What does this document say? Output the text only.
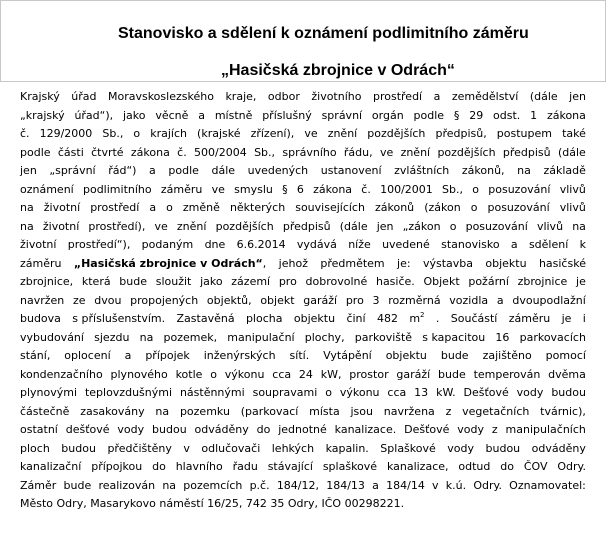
Stanovisko a sdělení k oznámení podlimitního záměru
„Hasičská zbrojnice v Odrách“
Krajský úřad Moravskoslezského kraje, odbor životního prostředí a zemědělství (dále jen
„krajský úřad“), jako věcně a místně příslušný správní orgán podle § 29 odst. 1 zákona
č. 129/2000 Sb., o krajích (krajské zřízení), ve znění pozdějších předpisů, postupem také
podle části čtvrté zákona č. 500/2004 Sb., správního řádu, ve znění pozdějších předpisů (dále
jen „správní řád“) a podle dále uvedených ustanovení zvláštních zákonů, na základě
oznámení podlimitního záměru ve smyslu § 6 zákona č. 100/2001 Sb., o posuzování vlivů
na životní prostředí a o změně některých souvisejících zákonů (zákon o posuzování vlivů
na životní prostředí), ve znění pozdějších předpisů (dále jen „zákon o posuzování vlivů na
životní prostředí“), podaným dne 6.6.2014 vydává níže uvedené stanovisko a sdělení k
záměru „Hasičská zbrojnice v Odrách“, jehož předmětem je: výstavba objektu hasičské
zbrojnice, která bude sloužit jako zázemí pro dobrovolné hasiče. Objekt požární zbrojnice je
navržen ze dvou propojených objektů, objekt garáží pro 3 rozměrná vozidla a dvoupodlažní
budova s příslušenstvím. Zastavěná plocha objektu činí 482 $m^2$ . Součástí záměru je i
vybudování sjezdu na pozemek, manipulační plochy, parkoviště s kapacitou 16 parkovacích
stání, oplocení a přípojek inženýrských sítí. Vytápění objektu bude zajištěno pomocí
kondenzačního plynového kotle o výkonu cca 24 kW, prostor garáží bude temperován dvěma
plynovými teplovzdušnými nástěnnými soupravami o výkonu cca 13 kW. Dešťové vody budou
částečně zasakovány na pozemku (parkovací místa jsou navržena z vegetačních tvárnic),
ostatní dešťové vody budou odváděny do jednotné kanalizace. Dešťové vody z manipulačních
ploch budou předčištěny v odlučovači lehkých kapalin. Splaškové vody budou odváděny
kanalizační přípojkou do hlavního řadu stávající splaškové kanalizace, odtud do ČOV Odry.
Záměr bude realizován na pozemcích p.č. 184/12, 184/13 a 184/14 v k.ú. Odry. Oznamovatel:
Město Odry, Masarykovo náměstí 16/25, 742 35 Odry, IČO 00298221.
